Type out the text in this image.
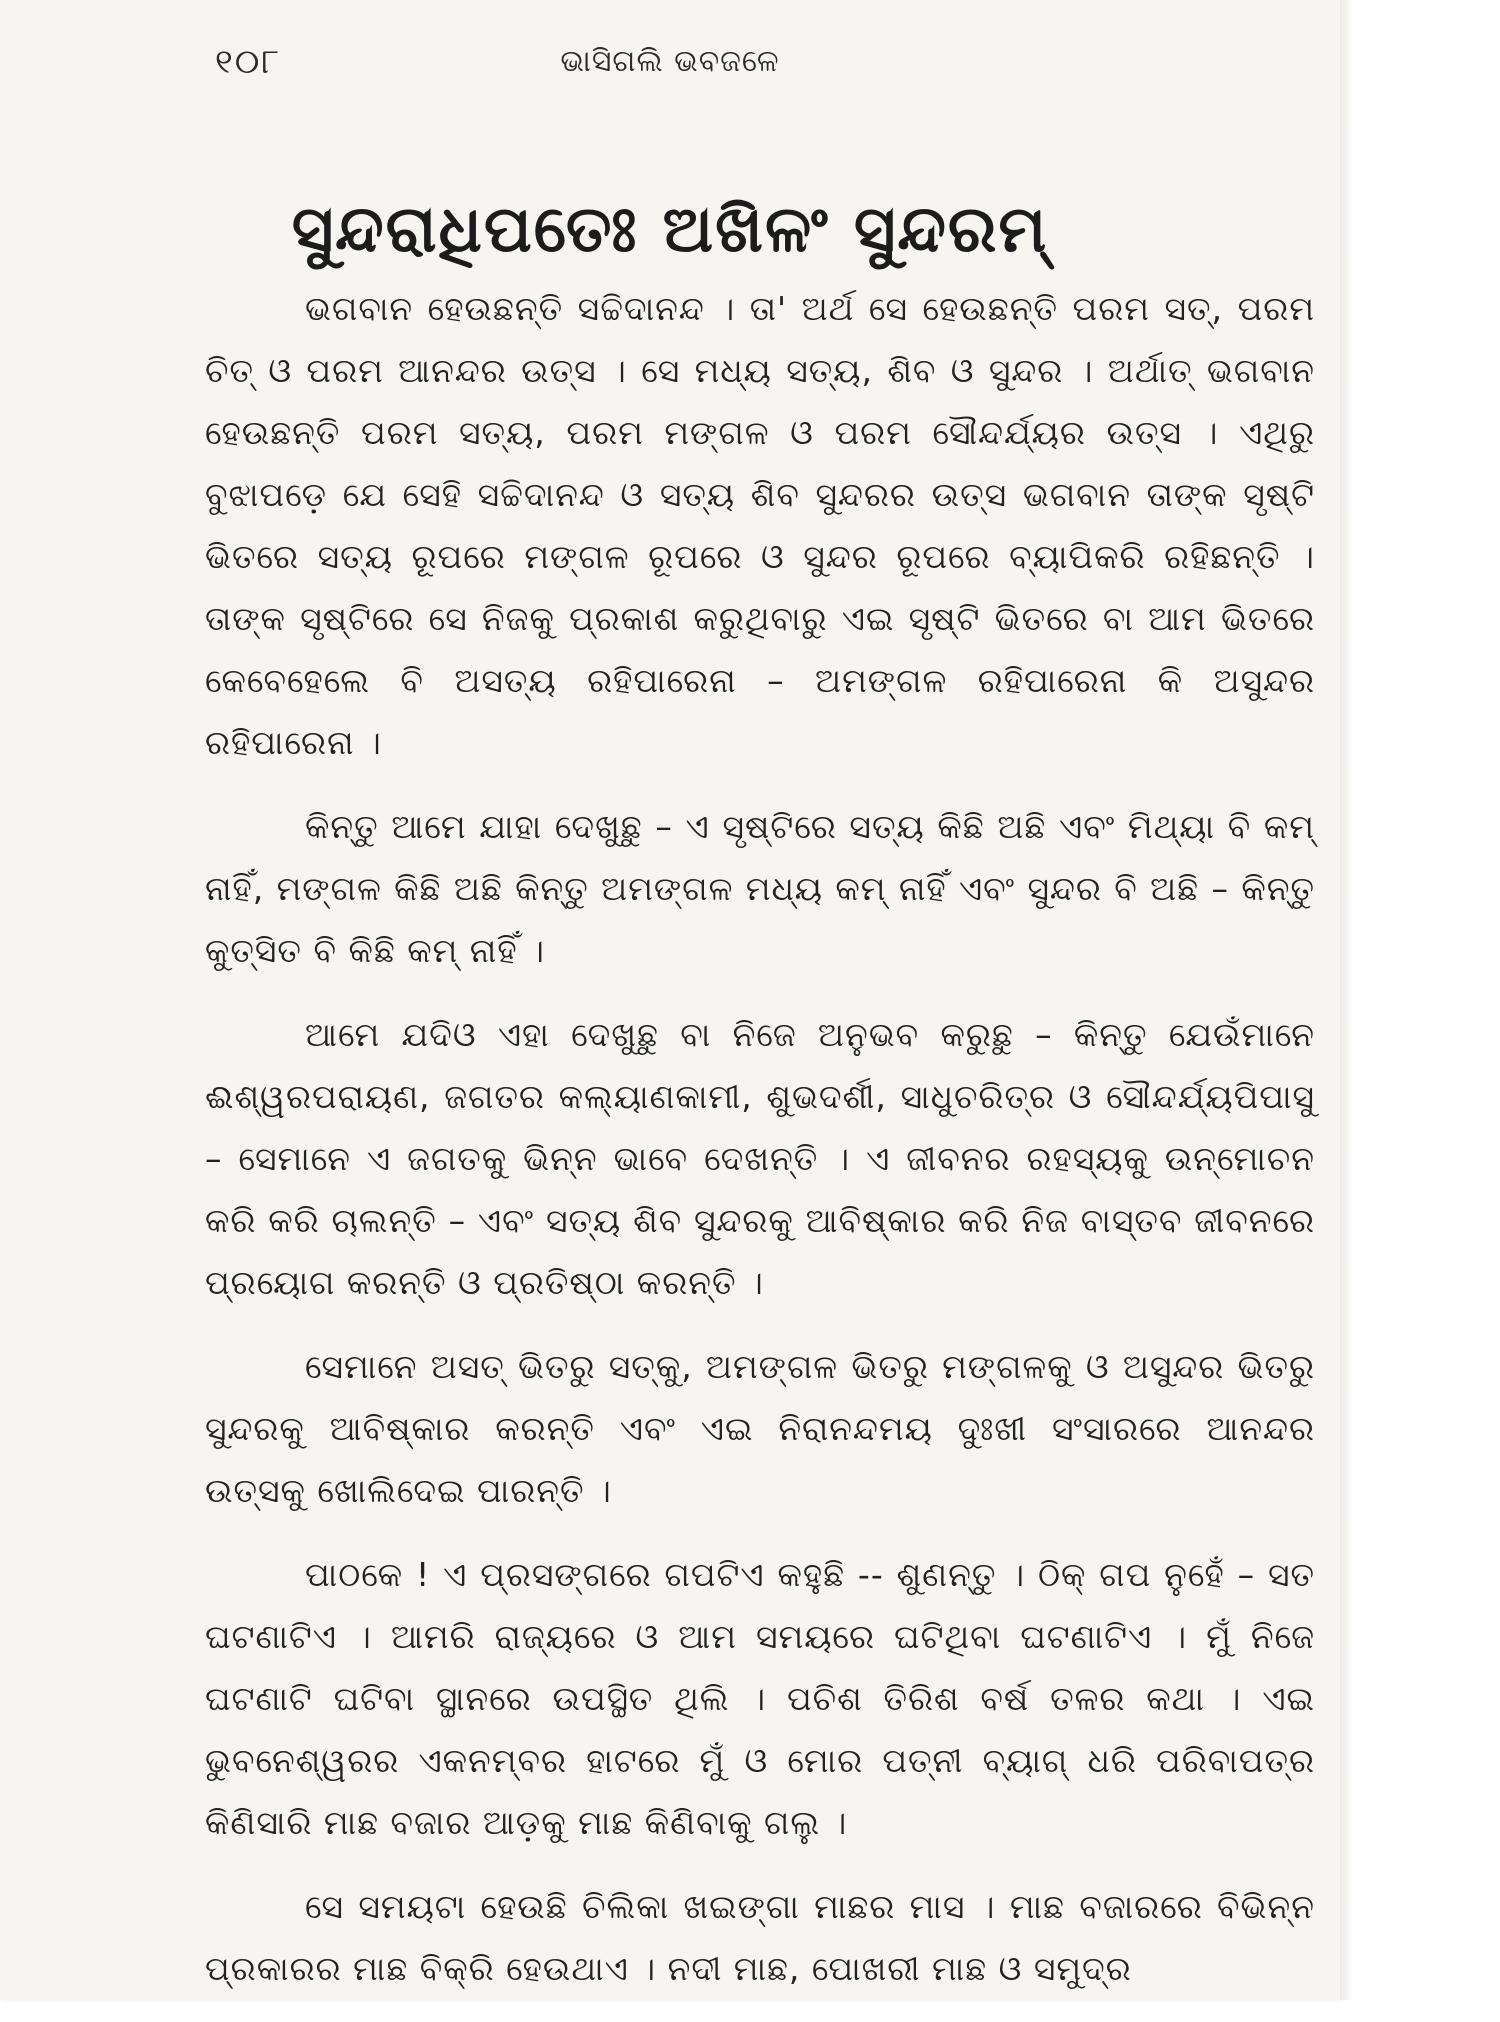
୧୦୮	ଭାସିଗଲି ଭବଜଳେ
ସୁନ୍ଦରାଧିପତେଃ ଅଖିଳଂ ସୁନ୍ଦରମ୍

ଭଗବାନ ହେଉଛନ୍ତି ସଚ୍ଚିଦାନନ୍ଦ । ତା' ଅର୍ଥ ସେ ହେଉଛନ୍ତି ପରମ ସତ୍, ପରମ ଚିତ୍ ଓ ପରମ ଆନନ୍ଦର ଉତ୍ସ । ସେ ମଧ୍ୟ ସତ୍ୟ, ଶିବ ଓ ସୁନ୍ଦର । ଅର୍ଥାତ୍ ଭଗବାନ ହେଉଛନ୍ତି ପରମ ସତ୍ୟ, ପରମ ମଙ୍ଗଳ ଓ ପରମ ସୌନ୍ଦର୍ଯ୍ୟର ଉତ୍ସ । ଏଥିରୁ ବୁଝାପଡ଼େ ଯେ ସେହି ସଚ୍ଚିଦାନନ୍ଦ ଓ ସତ୍ୟ ଶିବ ସୁନ୍ଦରର ଉତ୍ସ ଭଗବାନ ତାଙ୍କ ସୃଷ୍ଟି ଭିତରେ ସତ୍ୟ ରୂପରେ ମଙ୍ଗଳ ରୂପରେ ଓ ସୁନ୍ଦର ରୂପରେ ବ୍ୟାପିକରି ରହିଛନ୍ତି । ତାଙ୍କ ସୃଷ୍ଟିରେ ସେ ନିଜକୁ ପ୍ରକାଶ କରୁଥିବାରୁ ଏଇ ସୃଷ୍ଟି ଭିତରେ ବା ଆମ ଭିତରେ କେବେହେଲେ ବି ଅସତ୍ୟ ରହିପାରେନା – ଅମଙ୍ଗଳ ରହିପାରେନା କି ଅସୁନ୍ଦର ରହିପାରେନା ।

କିନ୍ତୁ ଆମେ ଯାହା ଦେଖୁଛୁ – ଏ ସୃଷ୍ଟିରେ ସତ୍ୟ କିଛି ଅଛି ଏବଂ ମିଥ୍ୟା ବି କମ୍ ନାହିଁ, ମଙ୍ଗଳ କିଛି ଅଛି କିନ୍ତୁ ଅମଙ୍ଗଳ ମଧ୍ୟ କମ୍ ନାହିଁ ଏବଂ ସୁନ୍ଦର ବି ଅଛି – କିନ୍ତୁ କୁତ୍ସିତ ବି କିଛି କମ୍ ନାହିଁ ।

ଆମେ ଯଦିଓ ଏହା ଦେଖୁଛୁ ବା ନିଜେ ଅନୁଭବ କରୁଛୁ – କିନ୍ତୁ ଯେଉଁମାନେ ଈଶ୍ୱରପରାୟଣ, ଜଗତର କଲ୍ୟାଣକାମୀ, ଶୁଭଦର୍ଶୀ, ସାଧୁଚରିତ୍ର ଓ ସୌନ୍ଦର୍ଯ୍ୟପିପାସୁ – ସେମାନେ ଏ ଜଗତକୁ ଭିନ୍ନ ଭାବେ ଦେଖନ୍ତି । ଏ ଜୀବନର ରହସ୍ୟକୁ ଉନ୍ମୋଚନ କରି କରି ଚାଲନ୍ତି – ଏବଂ ସତ୍ୟ ଶିବ ସୁନ୍ଦରକୁ ଆବିଷ୍କାର କରି ନିଜ ବାସ୍ତବ ଜୀବନରେ ପ୍ରୟୋଗ କରନ୍ତି ଓ ପ୍ରତିଷ୍ଠା କରନ୍ତି ।

ସେମାନେ ଅସତ୍ ଭିତରୁ ସତ୍‌କୁ, ଅମଙ୍ଗଳ ଭିତରୁ ମଙ୍ଗଳକୁ ଓ ଅସୁନ୍ଦର ଭିତରୁ ସୁନ୍ଦରକୁ ଆବିଷ୍କାର କରନ୍ତି ଏବଂ ଏଇ ନିରାନନ୍ଦମୟ ଦୁଃଖୀ ସଂସାରରେ ଆନନ୍ଦର ଉତ୍ସକୁ ଖୋଲିଦେଇ ପାରନ୍ତି ।

ପାଠକେ ! ଏ ପ୍ରସଙ୍ଗରେ ଗପଟିଏ କହୁଛି -- ଶୁଣନ୍ତୁ । ଠିକ୍ ଗପ ନୁହେଁ – ସତ ଘଟଣାଟିଏ । ଆମରି ରାଜ୍ୟରେ ଓ ଆମ ସମୟରେ ଘଟିଥିବା ଘଟଣାଟିଏ । ମୁଁ ନିଜେ ଘଟଣାଟି ଘଟିବା ସ୍ଥାନରେ ଉପସ୍ଥିତ ଥିଲି । ପଚିଶ ତିରିଶ ବର୍ଷ ତଳର କଥା । ଏଇ ଭୁବନେଶ୍ୱରର ଏକନମ୍ବର ହାଟରେ ମୁଁ ଓ ମୋର ପତ୍ନୀ ବ୍ୟାଗ୍ ଧରି ପରିବାପତ୍ର କିଣିସାରି ମାଛ ବଜାର ଆଡ଼କୁ ମାଛ କିଣିବାକୁ ଗଲୁ ।

ସେ ସମୟଟା ହେଉଛି ଚିଲିକା ଖଇଙ୍ଗା ମାଛର ମାସ । ମାଛ ବଜାରରେ ବିଭିନ୍ନ ପ୍ରକାରର ମାଛ ବିକ୍ରି ହେଉଥାଏ । ନଦୀ ମାଛ, ପୋଖରୀ ମାଛ ଓ ସମୁଦ୍ର
